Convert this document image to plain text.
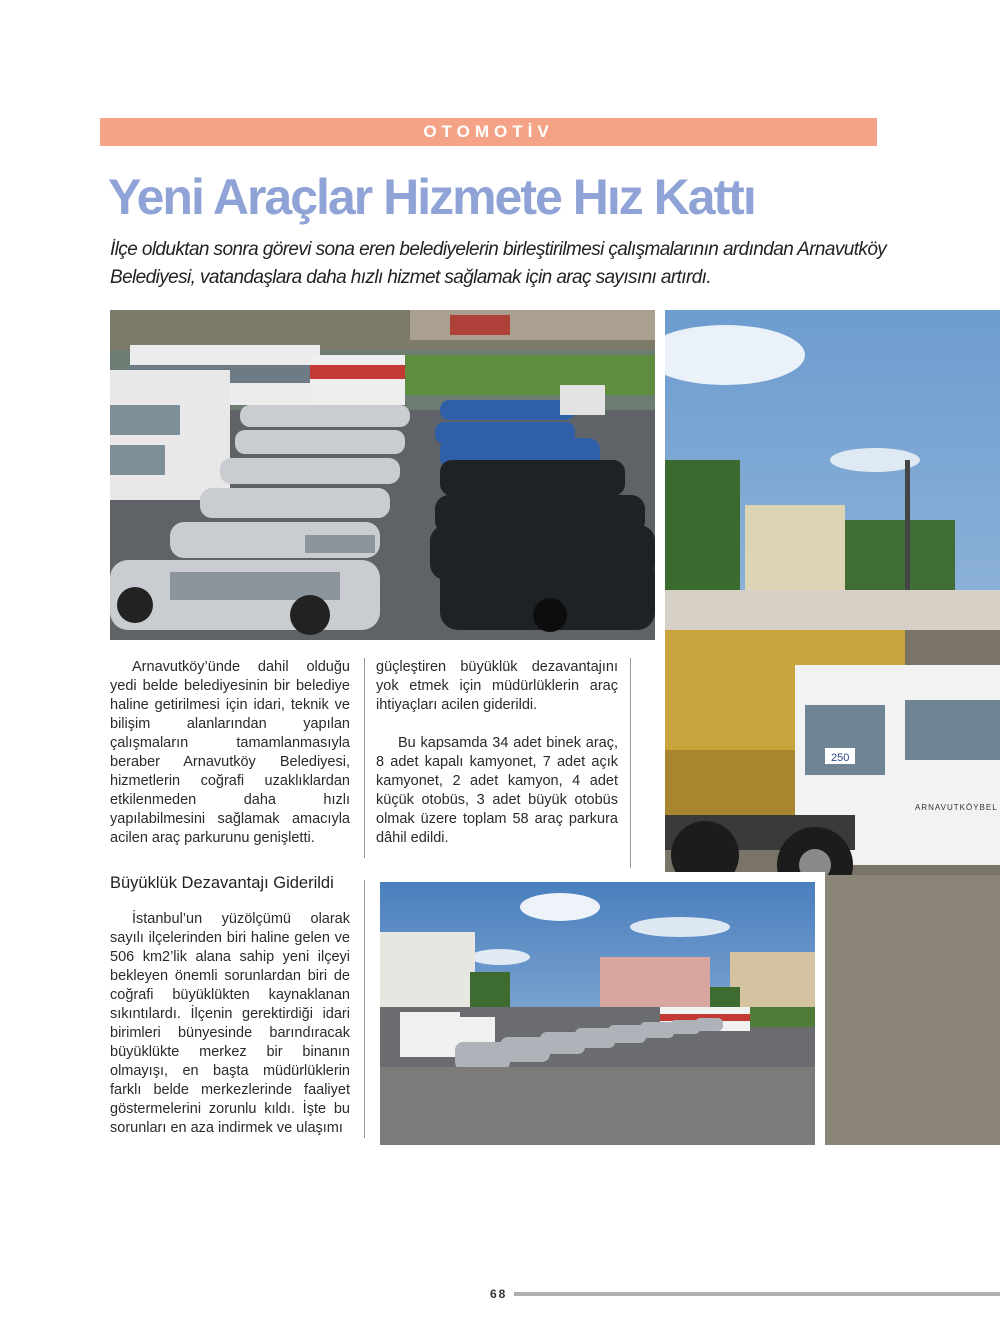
OTOMOTİV
Yeni Araçlar Hizmete Hız Kattı

İlçe olduktan sonra görevi sona eren belediyelerin birleştirilmesi çalışmalarının ardından Arnavutköy Belediyesi, vatandaşlara daha hızlı hizmet sağlamak için araç sayısını artırdı.

250
ARNAVUTKÖYBEL

Arnavutköy’ünde dahil olduğu yedi belde belediyesinin bir belediye haline getirilmesi için idari, teknik ve bilişim alanlarından yapılan çalışmaların tamamlanmasıyla beraber Arnavutköy Belediyesi, hizmetlerin coğrafi uzaklıklardan etkilenmeden daha hızlı yapılabilmesini sağlamak amacıyla acilen araç parkurunu genişletti.

Büyüklük Dezavantajı Giderildi

İstanbul’un yüzölçümü olarak sayılı ilçelerinden biri haline gelen ve 506 km2’lik alana sahip yeni ilçeyi bekleyen önemli sorunlardan biri de coğrafi büyüklükten kaynaklanan sıkıntılardı. İlçenin gerektirdiği idari birimleri bünyesinde barındıracak büyüklükte merkez bir binanın olmayışı, en başta müdürlüklerin farklı belde merkezlerinde faaliyet göstermelerini zorunlu kıldı. İşte bu sorunları en aza indirmek ve ulaşımı

güçleştiren büyüklük dezavantajını yok etmek için müdürlüklerin araç ihtiyaçları acilen giderildi.

Bu kapsamda 34 adet binek araç, 8 adet kapalı kamyonet, 7 adet açık kamyonet, 2 adet kamyon, 4 adet küçük otobüs, 3 adet büyük otobüs olmak üzere toplam 58 araç parkura dâhil edildi.

68
